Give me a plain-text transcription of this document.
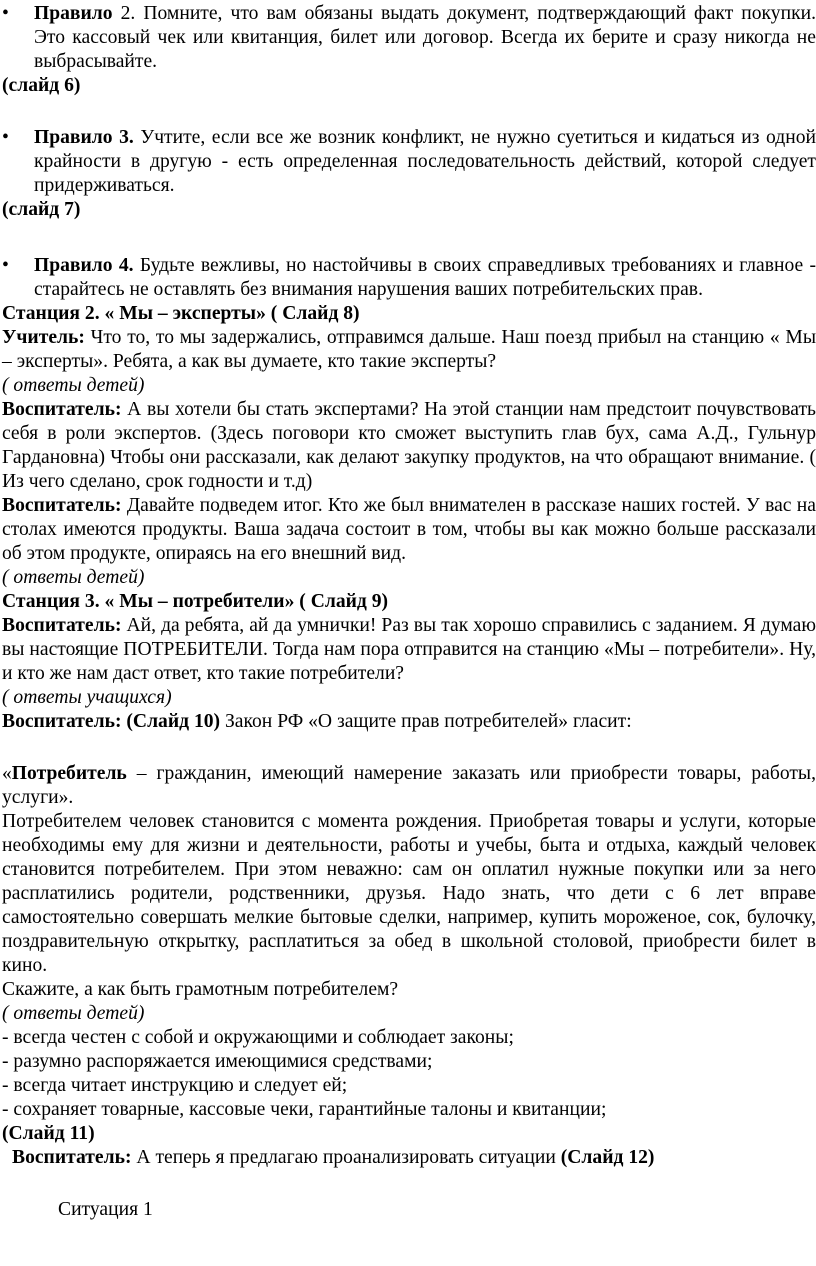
• Правило 2. Помните, что вам обязаны выдать документ, подтверждающий факт покупки. Это кассовый чек или квитанция, билет или договор. Всегда их берите и сразу никогда не выбрасывайте.
(слайд 6)
• Правило 3. Учтите, если все же возник конфликт, не нужно суетиться и кидаться из одной крайности в другую - есть определенная последовательность действий, которой следует придерживаться.
(слайд 7)
• Правило 4. Будьте вежливы, но настойчивы в своих справедливых требованиях и главное - старайтесь не оставлять без внимания нарушения ваших потребительских прав.
Станция 2. « Мы – эксперты» ( Слайд 8)
Учитель: Что то, то мы задержались, отправимся дальше. Наш поезд прибыл на станцию « Мы – эксперты». Ребята, а как вы думаете, кто такие эксперты?
( ответы детей)
Воспитатель: А вы хотели бы стать экспертами? На этой станции нам предстоит почувствовать себя в роли экспертов. (Здесь поговори кто сможет выступить глав бух, сама А.Д., Гульнур Гардановна) Чтобы они рассказали, как делают закупку продуктов, на что обращают внимание. ( Из чего сделано, срок годности и т.д)
Воспитатель: Давайте подведем итог. Кто же был внимателен в рассказе наших гостей. У вас на столах имеются продукты. Ваша задача состоит в том, чтобы вы как можно больше рассказали об этом продукте, опираясь на его внешний вид.
( ответы детей)
Станция 3. « Мы – потребители» ( Слайд 9)
Воспитатель: Ай, да ребята, ай да умнички! Раз вы так хорошо справились с заданием. Я думаю вы настоящие ПОТРЕБИТЕЛИ. Тогда нам пора отправится на станцию «Мы – потребители». Ну, и кто же нам даст ответ, кто такие потребители?
( ответы учащихся)
Воспитатель: (Слайд 10) Закон РФ «О защите прав потребителей» гласит:
«Потребитель – гражданин, имеющий намерение заказать или приобрести товары, работы, услуги».
Потребителем человек становится с момента рождения. Приобретая товары и услуги, которые необходимы ему для жизни и деятельности, работы и учебы, быта и отдыха, каждый человек становится потребителем. При этом неважно: сам он оплатил нужные покупки или за него расплатились родители, родственники, друзья. Надо знать, что дети с 6 лет вправе самостоятельно совершать мелкие бытовые сделки, например, купить мороженое, сок, булочку, поздравительную открытку, расплатиться за обед в школьной столовой, приобрести билет в кино.
Скажите, а как быть грамотным потребителем?
( ответы детей)
- всегда честен с собой и окружающими и соблюдает законы;
- разумно распоряжается имеющимися средствами;
- всегда читает инструкцию и следует ей;
- сохраняет товарные, кассовые чеки, гарантийные талоны и квитанции;
(Слайд 11)
Воспитатель: А теперь я предлагаю проанализировать ситуации (Слайд 12)
Ситуация 1
